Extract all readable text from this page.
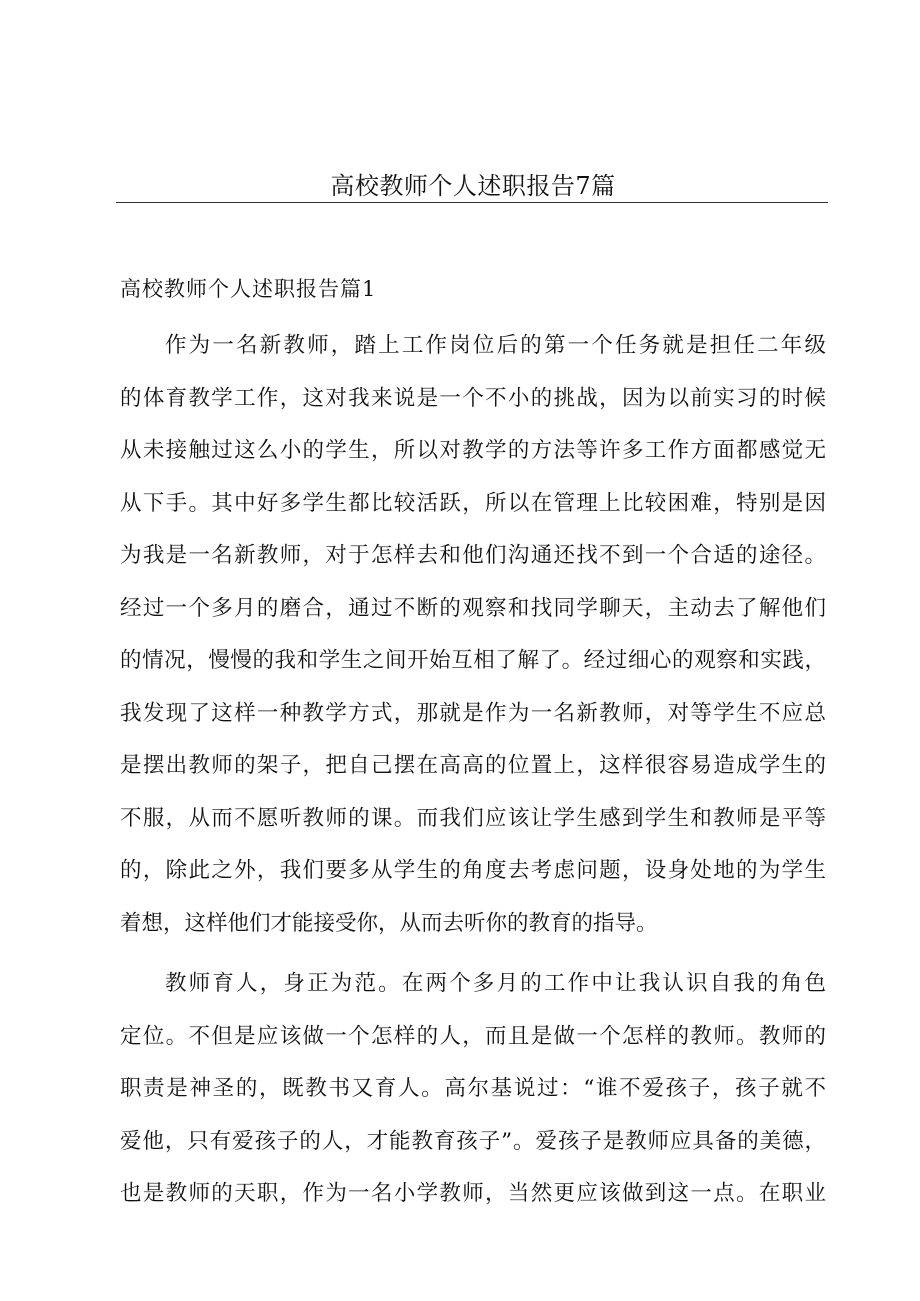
高校教师个人述职报告7篇
高校教师个人述职报告篇1
作为一名新教师，踏上工作岗位后的第一个任务就是担任二年级
的体育教学工作，这对我来说是一个不小的挑战，因为以前实习的时候
从未接触过这么小的学生，所以对教学的方法等许多工作方面都感觉无
从下手。其中好多学生都比较活跃，所以在管理上比较困难，特别是因
为我是一名新教师，对于怎样去和他们沟通还找不到一个合适的途径。
经过一个多月的磨合，通过不断的观察和找同学聊天，主动去了解他们
的情况，慢慢的我和学生之间开始互相了解了。经过细心的观察和实践，
我发现了这样一种教学方式，那就是作为一名新教师，对等学生不应总
是摆出教师的架子，把自己摆在高高的位置上，这样很容易造成学生的
不服，从而不愿听教师的课。而我们应该让学生感到学生和教师是平等
的，除此之外，我们要多从学生的角度去考虑问题，设身处地的为学生
着想，这样他们才能接受你，从而去听你的教育的指导。
教师育人，身正为范。在两个多月的工作中让我认识自我的角色
定位。不但是应该做一个怎样的人，而且是做一个怎样的教师。教师的
职责是神圣的，既教书又育人。高尔基说过：“谁不爱孩子，孩子就不
爱他，只有爱孩子的人，才能教育孩子”。爱孩子是教师应具备的美德，
也是教师的天职，作为一名小学教师，当然更应该做到这一点。在职业
